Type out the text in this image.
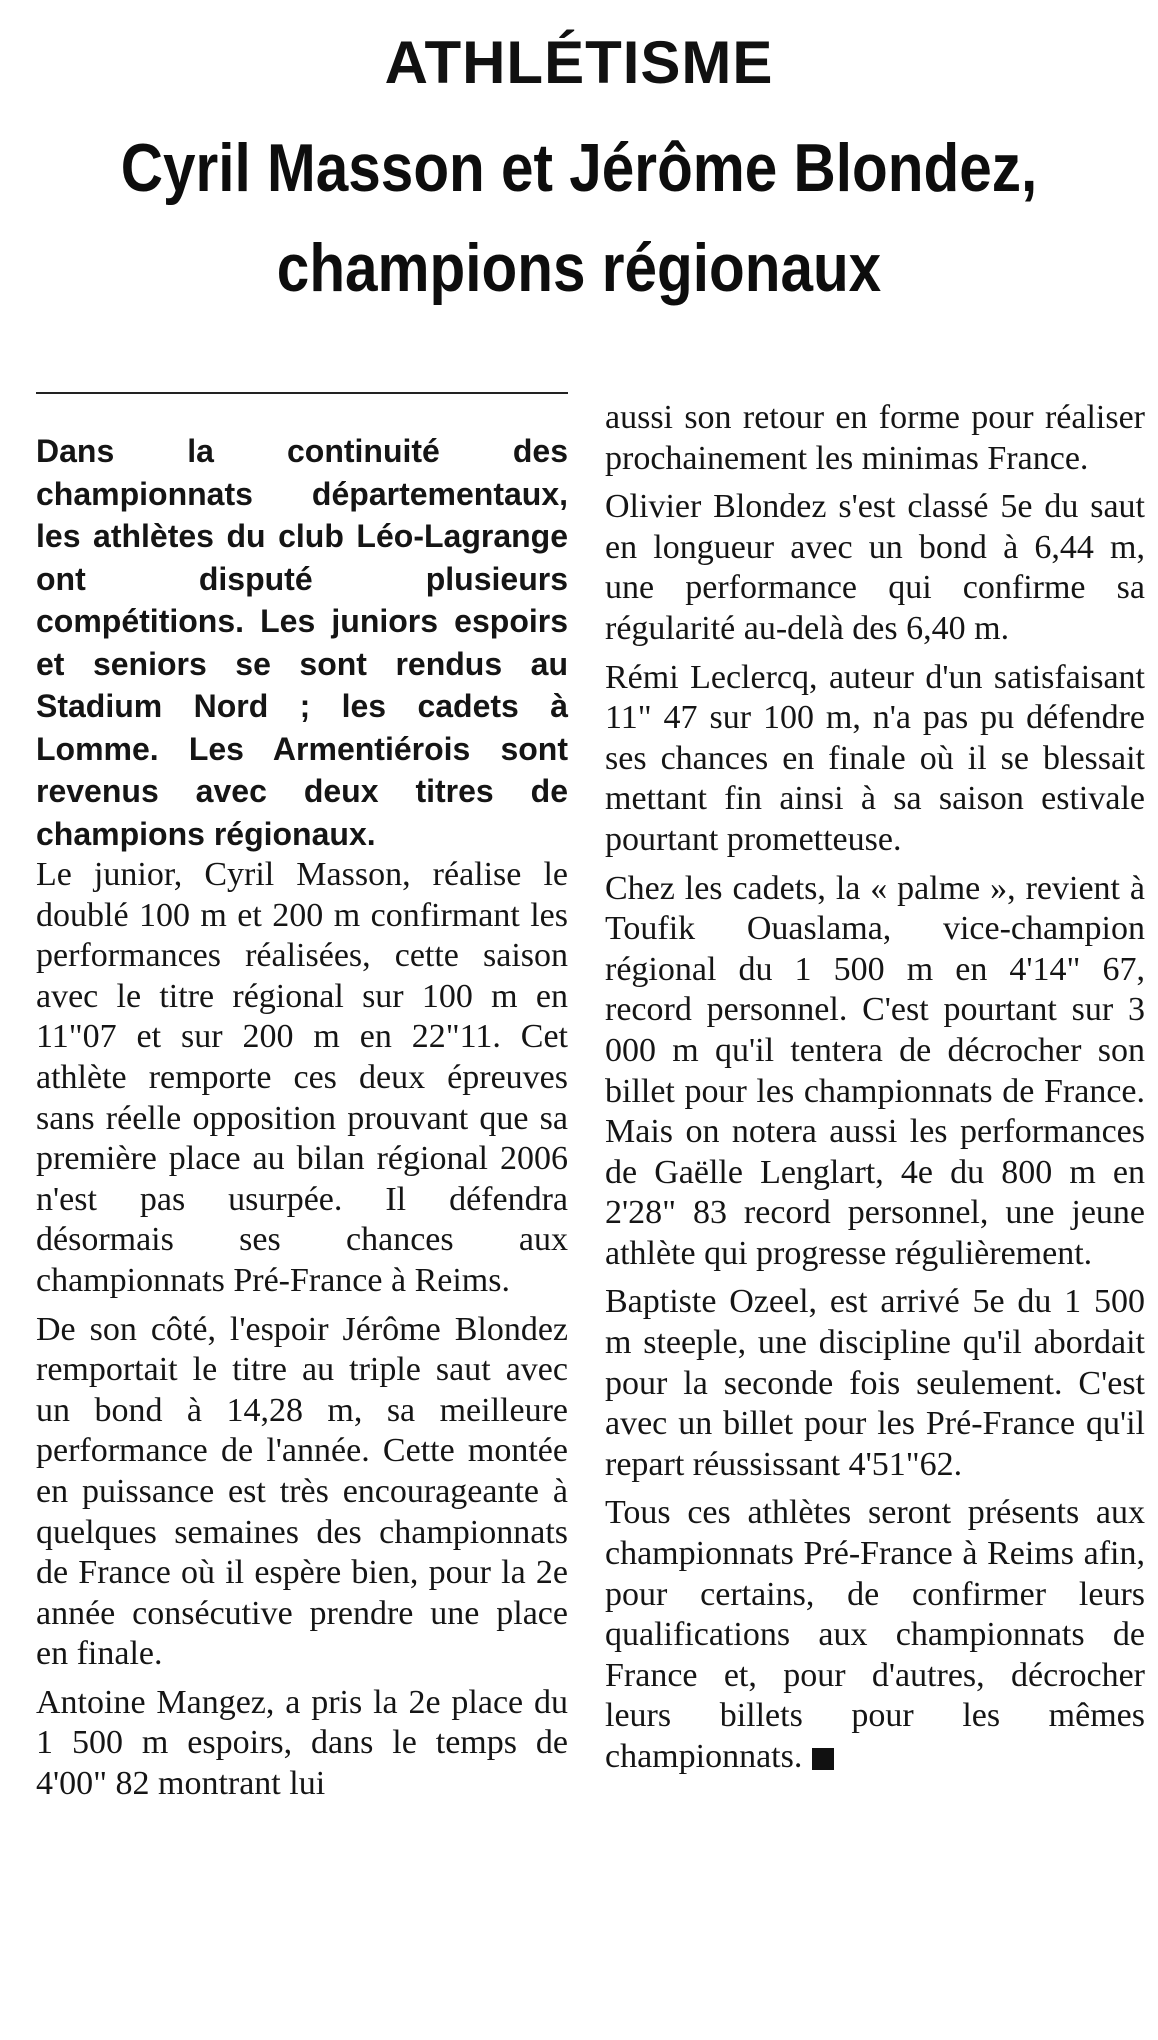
ATHLÉTISME
Cyril Masson et Jérôme Blondez,
champions régionaux

Dans la continuité des championnats départementaux, les athlètes du club Léo-Lagrange ont disputé plusieurs compétitions. Les juniors espoirs et seniors se sont rendus au Stadium Nord ; les cadets à Lomme. Les Armentiérois sont revenus avec deux titres de champions régionaux.

Le junior, Cyril Masson, réalise le doublé 100 m et 200 m confirmant les performances réalisées, cette saison avec le titre régional sur 100 m en 11"07 et sur 200 m en 22"11. Cet athlète remporte ces deux épreuves sans réelle opposition prouvant que sa première place au bilan régional 2006 n'est pas usurpée. Il défendra désormais ses chances aux championnats Pré-France à Reims.

De son côté, l'espoir Jérôme Blondez remportait le titre au triple saut avec un bond à 14,28 m, sa meilleure performance de l'année. Cette montée en puissance est très encourageante à quelques semaines des championnats de France où il espère bien, pour la 2e année consécutive prendre une place en finale.

Antoine Mangez, a pris la 2e place du 1 500 m espoirs, dans le temps de 4'00" 82 montrant lui

aussi son retour en forme pour réaliser prochainement les minimas France.

Olivier Blondez s'est classé 5e du saut en longueur avec un bond à 6,44 m, une performance qui confirme sa régularité au-delà des 6,40 m.

Rémi Leclercq, auteur d'un satisfaisant 11" 47 sur 100 m, n'a pas pu défendre ses chances en finale où il se blessait mettant fin ainsi à sa saison estivale pourtant prometteuse.

Chez les cadets, la « palme », revient à Toufik Ouaslama, vice-champion régional du 1 500 m en 4'14" 67, record personnel. C'est pourtant sur 3 000 m qu'il tentera de décrocher son billet pour les championnats de France. Mais on notera aussi les performances de Gaëlle Lenglart, 4e du 800 m en 2'28" 83 record personnel, une jeune athlète qui progresse régulièrement.

Baptiste Ozeel, est arrivé 5e du 1 500 m steeple, une discipline qu'il abordait pour la seconde fois seulement. C'est avec un billet pour les Pré-France qu'il repart réussissant 4'51"62.

Tous ces athlètes seront présents aux championnats Pré-France à Reims afin, pour certains, de confirmer leurs qualifications aux championnats de France et, pour d'autres, décrocher leurs billets pour les mêmes championnats.
